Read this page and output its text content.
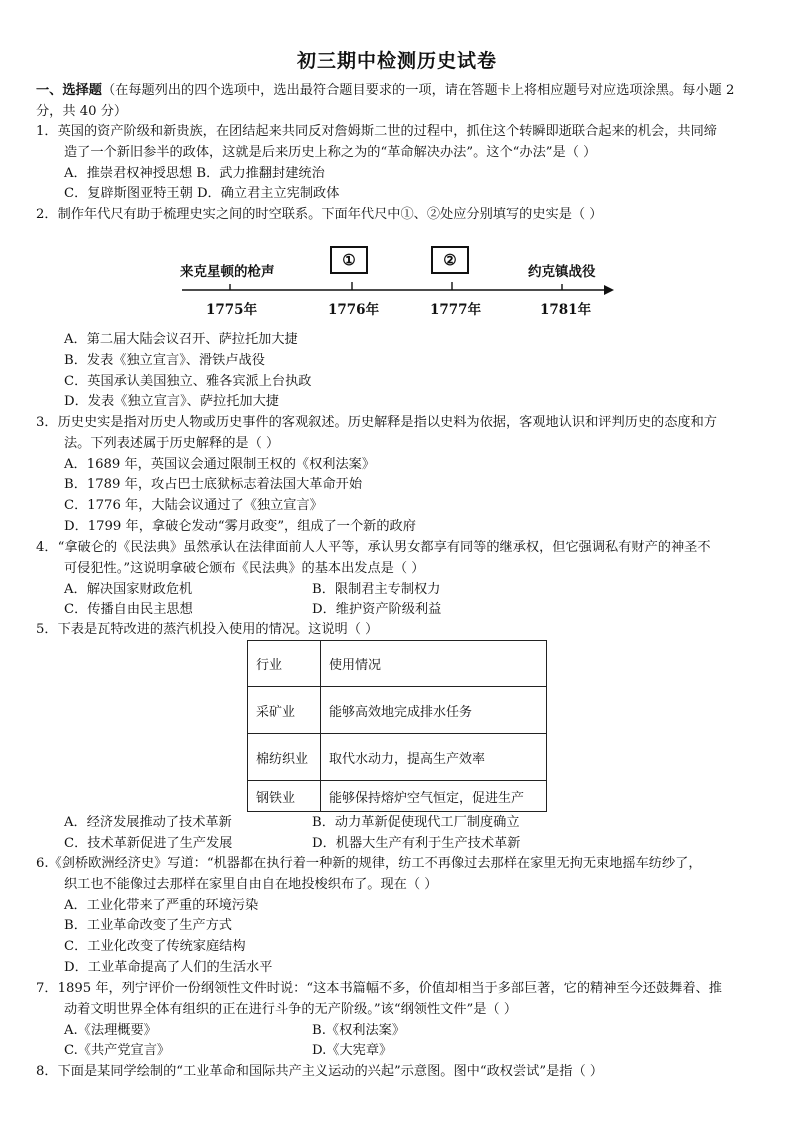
初三期中检测历史试卷
一、选择题（在每题列出的四个选项中，选出最符合题目要求的一项，请在答题卡上将相应题号对应选项涂黑。每小题 2 分，共 40 分）
1．英国的资产阶级和新贵族，在团结起来共同反对詹姆斯二世的过程中，抓住这个转瞬即逝联合起来的机会，共同缔
造了一个新旧参半的政体，这就是后来历史上称之为的“革命解决办法”。这个“办法”是（ ）
A．推崇君权神授思想 B．武力推翻封建统治
C．复辟斯图亚特王朝 D．确立君主立宪制政体
2．制作年代尺有助于梳理史实之间的时空联系。下面年代尺中①、②处应分别填写的史实是（ ）
来克星顿的枪声
①	②
约克镇战役
1775年	1776年	1777年	1781年
A．第二届大陆会议召开、萨拉托加大捷
B．发表《独立宣言》、滑铁卢战役
C．英国承认美国独立、雅各宾派上台执政
D．发表《独立宣言》、萨拉托加大捷
3．历史史实是指对历史人物或历史事件的客观叙述。历史解释是指以史料为依据，客观地认识和评判历史的态度和方
法。下列表述属于历史解释的是（ ）
A．1689 年，英国议会通过限制王权的《权利法案》
B．1789 年，攻占巴士底狱标志着法国大革命开始
C．1776 年，大陆会议通过了《独立宣言》
D．1799 年，拿破仑发动“雾月政变”，组成了一个新的政府
4．“拿破仑的《民法典》虽然承认在法律面前人人平等，承认男女都享有同等的继承权，但它强调私有财产的神圣不
可侵犯性。”这说明拿破仑颁布《民法典》的基本出发点是（ ）
A．解决国家财政危机	B．限制君主专制权力
C．传播自由民主思想	D．维护资产阶级利益
5．下表是瓦特改进的蒸汽机投入使用的情况。这说明（ ）
行业	使用情况
采矿业	能够高效地完成排水任务
棉纺织业	取代水动力，提高生产效率
钢铁业	能够保持熔炉空气恒定，促进生产
A．经济发展推动了技术革新	B．动力革新促使现代工厂制度确立
C．技术革新促进了生产发展	D．机器大生产有利于生产技术革新
6.《剑桥欧洲经济史》写道：“机器都在执行着一种新的规律，纺工不再像过去那样在家里无拘无束地摇车纺纱了，
织工也不能像过去那样在家里自由自在地投梭织布了。现在（ ）
A．工业化带来了严重的环境污染
B．工业革命改变了生产方式
C．工业化改变了传统家庭结构
D．工业革命提高了人们的生活水平
7．1895 年，列宁评价一份纲领性文件时说：“这本书篇幅不多，价值却相当于多部巨著，它的精神至今还鼓舞着、推
动着文明世界全体有组织的正在进行斗争的无产阶级。”该“纲领性文件”是（ ）
A.《法理概要》	B.《权利法案》
C.《共产党宣言》	D.《大宪章》
8．下面是某同学绘制的“工业革命和国际共产主义运动的兴起”示意图。图中“政权尝试”是指（ ）
